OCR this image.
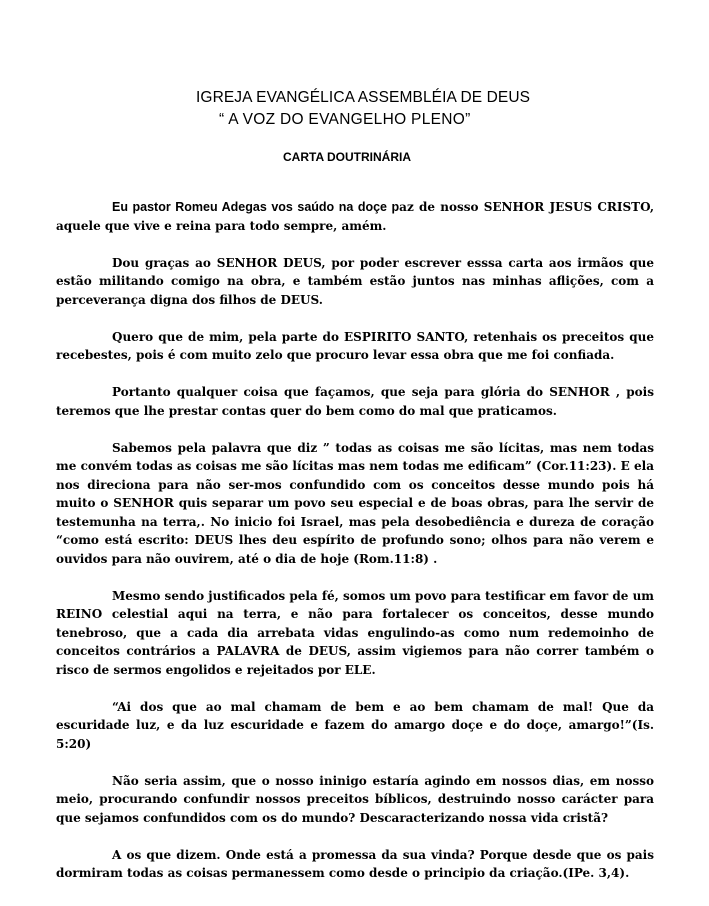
IGREJA EVANGÉLICA ASSEMBLÉIA DE DEUS
“ A VOZ DO EVANGELHO PLENO”
CARTA DOUTRINÁRIA

Eu pastor Romeu Adegas vos saúdo na doçe paz de nosso SENHOR JESUS CRISTO, aquele que vive e reina para todo sempre, amém.

Dou graças ao SENHOR DEUS, por poder escrever esssa carta aos irmãos que estão militando comigo na obra, e também estão juntos nas minhas aflições, com a perceverança digna dos filhos de DEUS.

Quero que de mim, pela parte do ESPIRITO SANTO, retenhais os preceitos que recebestes, pois é com muito zelo que procuro levar essa obra que me foi confiada.

Portanto qualquer coisa que façamos, que seja para glória do SENHOR , pois teremos que lhe prestar contas quer do bem como do mal que praticamos.

Sabemos pela palavra que diz ” todas as coisas me são lícitas, mas nem todas me convém todas as coisas me são lícitas mas nem todas me edificam” (Cor.11:23). E ela nos direciona para não ser-mos confundido com os conceitos desse mundo pois há muito o SENHOR quis separar um povo seu especial e de boas obras, para lhe servir de testemunha na terra,. No inicio foi Israel, mas pela desobediência e dureza de coração “como está escrito: DEUS lhes deu espírito de profundo sono; olhos para não verem e ouvidos para não ouvirem, até o dia de hoje (Rom.11:8) .

Mesmo sendo justificados pela fé, somos um povo para testificar em favor de um REINO celestial aqui na terra, e não para fortalecer os conceitos, desse mundo tenebroso, que a cada dia arrebata vidas engulindo-as como num redemoinho de conceitos contrários a PALAVRA de DEUS, assim vigiemos para não correr também o risco de sermos engolidos e rejeitados por ELE.

“Ai dos que ao mal chamam de bem e ao bem chamam de mal! Que da escuridade luz, e da luz escuridade e fazem do amargo doçe e do doçe, amargo!”(Is. 5:20)

Não seria assim, que o nosso ininigo estaría agindo em nossos dias, em nosso meio, procurando confundir nossos preceitos bíblicos, destruindo nosso carácter para que sejamos confundidos com os do mundo? Descaracterizando nossa vida cristã?

A os que dizem. Onde está a promessa da sua vinda? Porque desde que os pais dormiram todas as coisas permanessem como desde o principio da criação.(IPe. 3,4).
